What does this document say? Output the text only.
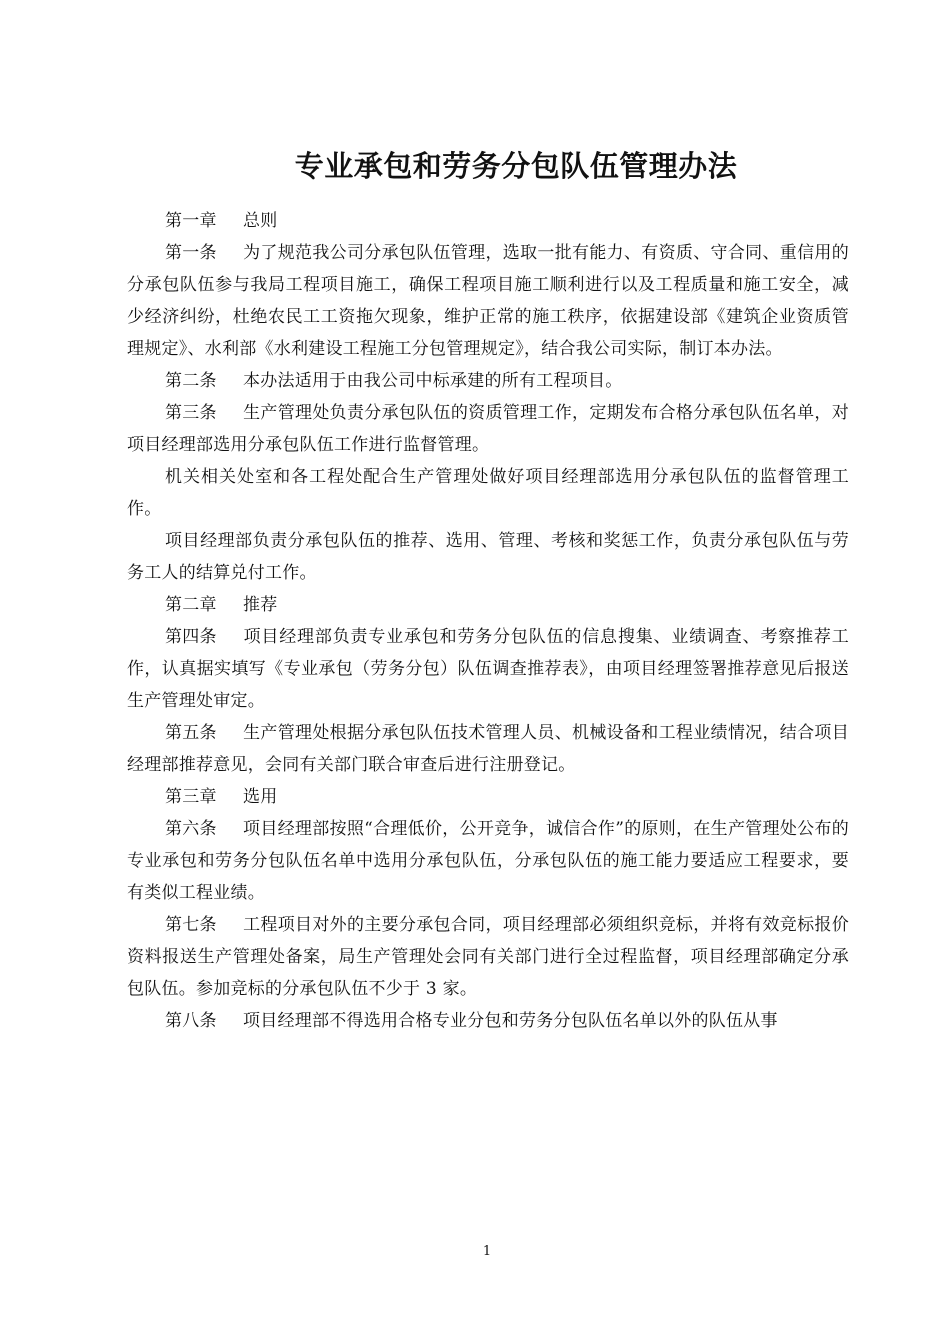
专业承包和劳务分包队伍管理办法

第一章 总则

第一条 为了规范我公司分承包队伍管理，选取一批有能力、有资质、守合同、重信用的分承包队伍参与我局工程项目施工，确保工程项目施工顺利进行以及工程质量和施工安全，减少经济纠纷，杜绝农民工工资拖欠现象，维护正常的施工秩序，依据建设部《建筑企业资质管理规定》、水利部《水利建设工程施工分包管理规定》，结合我公司实际，制订本办法。

第二条 本办法适用于由我公司中标承建的所有工程项目。

第三条 生产管理处负责分承包队伍的资质管理工作，定期发布合格分承包队伍名单，对项目经理部选用分承包队伍工作进行监督管理。

机关相关处室和各工程处配合生产管理处做好项目经理部选用分承包队伍的监督管理工作。

项目经理部负责分承包队伍的推荐、选用、管理、考核和奖惩工作，负责分承包队伍与劳务工人的结算兑付工作。

第二章 推荐

第四条 项目经理部负责专业承包和劳务分包队伍的信息搜集、业绩调查、考察推荐工作，认真据实填写《专业承包（劳务分包）队伍调查推荐表》，由项目经理签署推荐意见后报送生产管理处审定。

第五条 生产管理处根据分承包队伍技术管理人员、机械设备和工程业绩情况，结合项目经理部推荐意见，会同有关部门联合审查后进行注册登记。

第三章 选用

第六条 项目经理部按照“合理低价，公开竞争，诚信合作”的原则，在生产管理处公布的专业承包和劳务分包队伍名单中选用分承包队伍，分承包队伍的施工能力要适应工程要求，要有类似工程业绩。

第七条 工程项目对外的主要分承包合同，项目经理部必须组织竞标，并将有效竞标报价资料报送生产管理处备案，局生产管理处会同有关部门进行全过程监督，项目经理部确定分承包队伍。参加竞标的分承包队伍不少于 3 家。

第八条 项目经理部不得选用合格专业分包和劳务分包队伍名单以外的队伍从事

1
